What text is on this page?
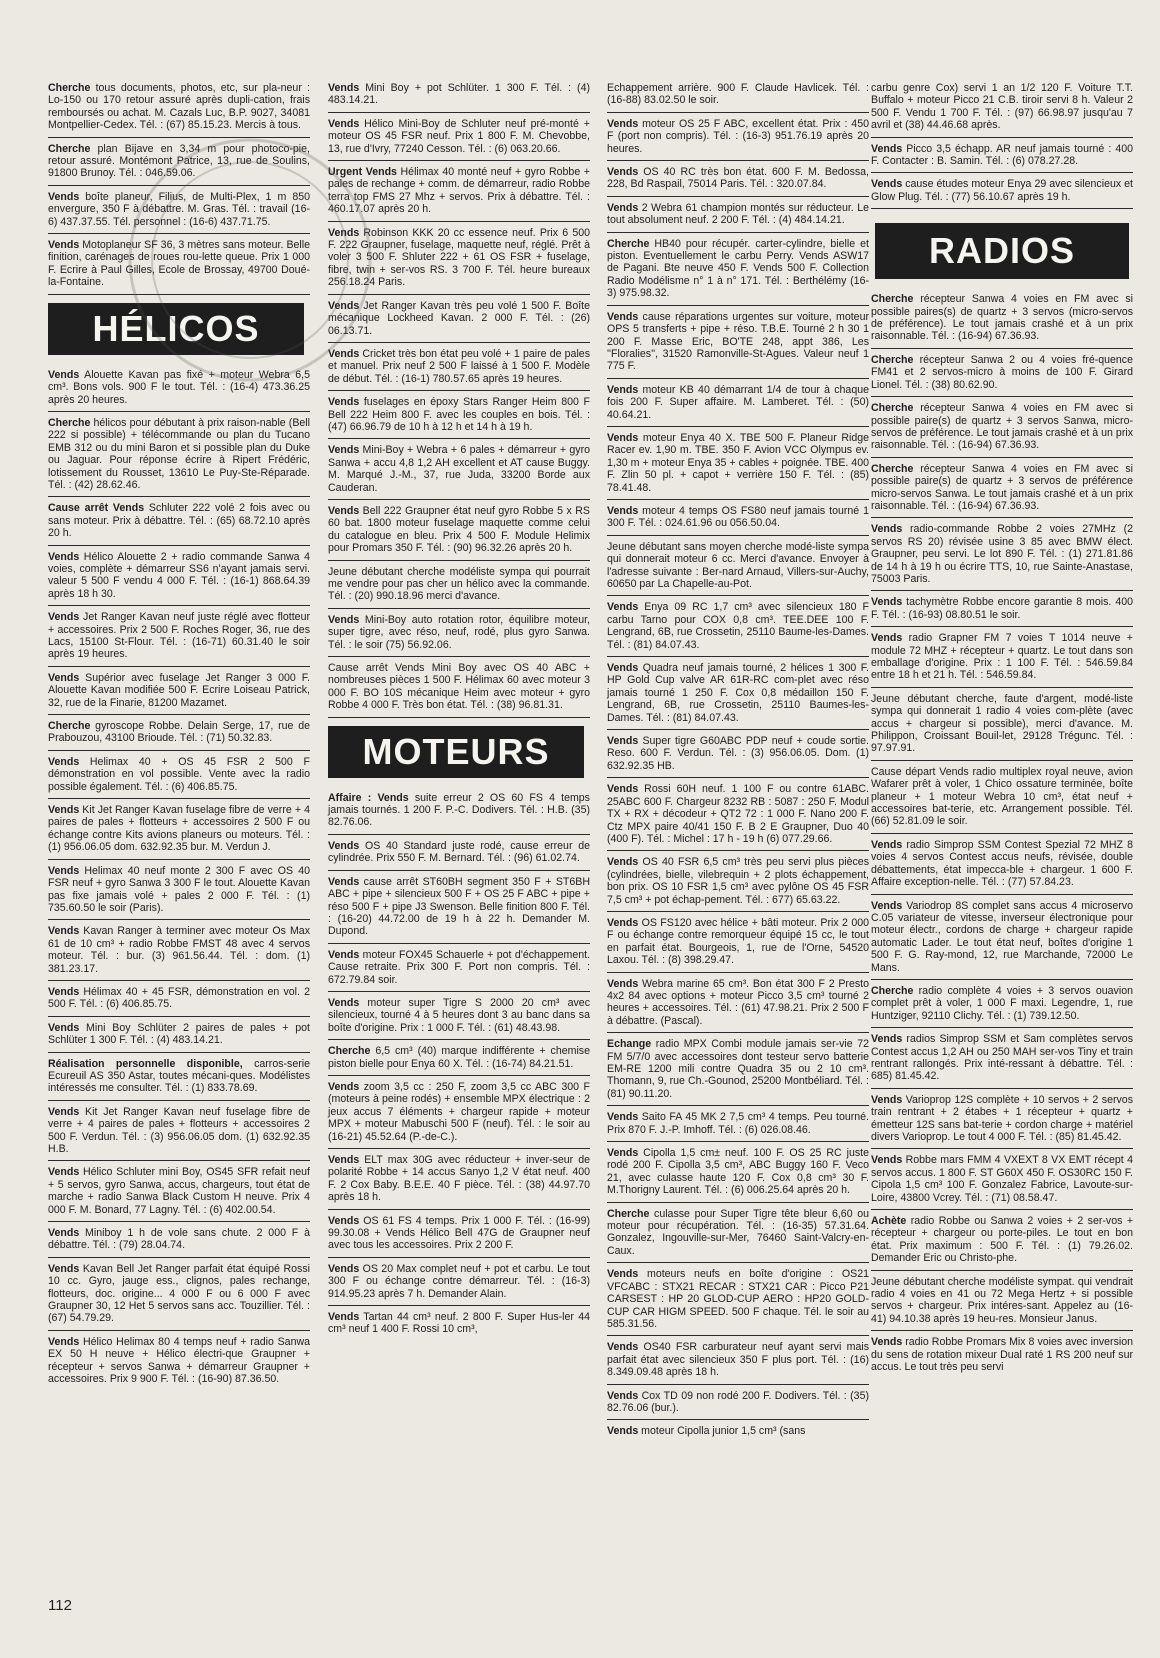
Cherche tous documents, photos, etc, sur pla-neur : Lo-150 ou 170 retour assuré après dupli-cation, frais remboursés ou achat. M. Cazals Luc, B.P. 9027, 34081 Montpellier-Cedex. Tél. : (67) 85.15.23. Mercis à tous.
Cherche plan Bijave en 3,34 m pour photoco-pie, retour assuré. Montémont Patrice, 13, rue de Soulins, 91800 Brunoy. Tél. : 046.59.06.
Vends boîte planeur, Filius, de Multi-Plex, 1 m 850 envergure, 350 F à débattre. M. Gras. Tél. : travail (16-6) 437.37.55. Tél. personnel : (16-6) 437.71.75.
Vends Motoplaneur SF 36, 3 mètres sans moteur. Belle finition, carénages de roues rou-lette queue. Prix 1 000 F. Ecrire à Paul Gilles, Ecole de Brossay, 49700 Doué-la-Fontaine.
HÉLICOS
Vends Alouette Kavan pas fixé + moteur Webra 6,5 cm³. Bons vols. 900 F le tout. Tél. : (16-4) 473.36.25 après 20 heures.
Cherche hélicos pour débutant à prix raison-nable (Bell 222 si possible) + télécommande ou plan du Tucano EMB 312 ou du mini Baron et si possible plan du Duke ou Jaguar. Pour réponse écrire à Ripert Frédéric, lotissement du Rousset, 13610 Le Puy-Ste-Réparade. Tél. : (42) 28.62.46.
Cause arrêt Vends Schluter 222 volé 2 fois avec ou sans moteur. Prix à débattre. Tél. : (65) 68.72.10 après 20 h.
Vends Hélico Alouette 2 + radio commande Sanwa 4 voies, complète + démarreur SS6 n'ayant jamais servi. valeur 5 500 F vendu 4 000 F. Tél. : (16-1) 868.64.39 après 18 h 30.
Vends Jet Ranger Kavan neuf juste réglé avec flotteur + accessoires. Prix 2 500 F. Roches Roger, 36, rue des Lacs, 15100 St-Flour. Tél. : (16-71) 60.31.40 le soir après 19 heures.
Vends Supérior avec fuselage Jet Ranger 3 000 F. Alouette Kavan modifiée 500 F. Ecrire Loiseau Patrick, 32, rue de la Finarie, 81200 Mazamet.
Cherche gyroscope Robbe. Delain Serge, 17, rue de Prabouzou, 43100 Brioude. Tél. : (71) 50.32.83.
Vends Helimax 40 + OS 45 FSR 2 500 F démonstration en vol possible. Vente avec la radio possible également. Tél. : (6) 406.85.75.
Vends Kit Jet Ranger Kavan fuselage fibre de verre + 4 paires de pales + flotteurs + accessoires 2 500 F ou échange contre Kits avions planeurs ou moteurs. Tél. : (1) 956.06.05 dom. 632.92.35 bur. M. Verdun J.
Vends Helimax 40 neuf monte 2 300 F avec OS 40 FSR neuf + gyro Sanwa 3 300 F le tout. Alouette Kavan pas fixe jamais volé + pales 2 000 F. Tél. : (1) 735.60.50 le soir (Paris).
Vends Kavan Ranger à terminer avec moteur Os Max 61 de 10 cm³ + radio Robbe FMST 48 avec 4 servos moteur. Tél. : bur. (3) 961.56.44. Tél. : dom. (1) 381.23.17.
Vends Hélimax 40 + 45 FSR, démonstration en vol. 2 500 F. Tél. : (6) 406.85.75.
Vends Mini Boy Schlüter 2 paires de pales + pot Schlüter 1 300 F. Tél. : (4) 483.14.21.
Réalisation personnelle disponible, carros-serie Ecureuil AS 350 Astar, toutes mécani-ques. Modélistes intéressés me consulter. Tél. : (1) 833.78.69.
Vends Kit Jet Ranger Kavan neuf fuselage fibre de verre + 4 paires de pales + flotteurs + accessoires 2 500 F. Verdun. Tél. : (3) 956.06.05 dom. (1) 632.92.35 H.B.
Vends Hélico Schluter mini Boy, OS45 SFR refait neuf + 5 servos, gyro Sanwa, accus, chargeurs, tout état de marche + radio Sanwa Black Custom H neuve. Prix 4 000 F. M. Bonard, 77 Lagny. Tél. : (6) 402.00.54.
Vends Miniboy 1 h de vole sans chute. 2 000 F à débattre. Tél. : (79) 28.04.74.
Vends Kavan Bell Jet Ranger parfait état équipé Rossi 10 cc. Gyro, jauge ess., clignos, pales rechange, flotteurs, doc. origine... 4 000 F ou 6 000 F avec Graupner 30, 12 Het 5 servos sans acc. Touzillier. Tél. : (67) 54.79.29.
Vends Hélico Helimax 80 4 temps neuf + radio Sanwa EX 50 H neuve + Hélico électri-que Graupner + récepteur + servos Sanwa + démarreur Graupner + accessoires. Prix 9 900 F. Tél. : (16-90) 87.36.50.
Vends Mini Boy + pot Schlüter. 1 300 F. Tél. : (4) 483.14.21.
Vends Hélico Mini-Boy de Schluter neuf pré-monté + moteur OS 45 FSR neuf. Prix 1 800 F. M. Chevobbe, 13, rue d'Ivry, 77240 Cesson. Tél. : (6) 063.20.66.
Urgent Vends Hélimax 40 monté neuf + gyro Robbe + pales de rechange + comm. de démarreur, radio Robbe terra top FMS 27 Mhz + servos. Prix à débattre. Tél. : 460.17.07 après 20 h.
Vends Robinson KKK 20 cc essence neuf. Prix 6 500 F. 222 Graupner, fuselage, maquette neuf, réglé. Prêt à voler 3 500 F. Shluter 222 + 61 OS FSR + fuselage, fibre, twin + ser-vos RS. 3 700 F. Tél. heure bureaux 256.18.24 Paris.
Vends Jet Ranger Kavan très peu volé 1 500 F. Boîte mécanique Lockheed Kavan. 2 000 F. Tél. : (26) 06.13.71.
Vends Cricket très bon état peu volé + 1 paire de pales et manuel. Prix neuf 2 500 F laissé à 1 500 F. Modèle de début. Tél. : (16-1) 780.57.65 après 19 heures.
Vends fuselages en époxy Stars Ranger Heim 800 F Bell 222 Heim 800 F. avec les couples en bois. Tél. : (47) 66.96.79 de 10 h à 12 h et 14 h à 19 h.
Vends Mini-Boy + Webra + 6 pales + démarreur + gyro Sanwa + accu 4,8 1,2 AH excellent et AT cause Buggy. M. Marqué J.-M., 37, rue Juda, 33200 Borde aux Cauderan.
Vends Bell 222 Graupner état neuf gyro Robbe 5 x RS 60 bat. 1800 moteur fuselage maquette comme celui du catalogue en bleu. Prix 4 500 F. Module Helimix pour Promars 350 F. Tél. : (90) 96.32.26 après 20 h.
Jeune débutant cherche modéliste sympa qui pourrait me vendre pour pas cher un hélico avec la commande. Tél. : (20) 990.18.96 merci d'avance.
Vends Mini-Boy auto rotation rotor, équilibre moteur, super tigre, avec réso, neuf, rodé, plus gyro Sanwa. Tél. : le soir (75) 56.92.06.
Cause arrêt Vends Mini Boy avec OS 40 ABC + nombreuses pièces 1 500 F. Hélimax 60 avec moteur 3 000 F. BO 10S mécanique Heim avec moteur + gyro Robbe 4 000 F. Très bon état. Tél. : (38) 96.81.31.
MOTEURS
Affaire : Vends suite erreur 2 OS 60 FS 4 temps jamais tournés. 1 200 F. P.-C. Dodivers. Tél. : H.B. (35) 82.76.06.
Vends OS 40 Standard juste rodé, cause erreur de cylindrée. Prix 550 F. M. Bernard. Tél. : (96) 61.02.74.
Vends cause arrêt ST60BH segment 350 F + ST6BH ABC + pipe + silencieux 500 F + OS 25 F ABC + pipe + réso 500 F + pipe J3 Swenson. Belle finition 800 F. Tél. : (16-20) 44.72.00 de 19 h à 22 h. Demander M. Dupond.
Vends moteur FOX45 Schauerle + pot d'échappement. Cause retraite. Prix 300 F. Port non compris. Tél. : 672.79.84 soir.
Vends moteur super Tigre S 2000 20 cm³ avec silencieux, tourné 4 à 5 heures dont 3 au banc dans sa boîte d'origine. Prix : 1 000 F. Tél. : (61) 48.43.98.
Cherche 6,5 cm³ (40) marque indifférente + chemise piston bielle pour Enya 60 X. Tél. : (16-74) 84.21.51.
Vends zoom 3,5 cc : 250 F, zoom 3,5 cc ABC 300 F (moteurs à peine rodés) + ensemble MPX électrique : 2 jeux accus 7 éléments + chargeur rapide + moteur MPX + moteur Mabuschi 500 F (neuf). Tél. : le soir au (16-21) 45.52.64 (P.-de-C.).
Vends ELT max 30G avec réducteur + inver-seur de polarité Robbe + 14 accus Sanyo 1,2 V état neuf. 400 F. 2 Cox Baby. B.E.E. 40 F pièce. Tél. : (38) 44.97.70 après 18 h.
Vends OS 61 FS 4 temps. Prix 1 000 F. Tél. : (16-99) 99.30.08 + Vends Hélico Bell 47G de Graupner neuf avec tous les accessoires. Prix 2 200 F.
Vends OS 20 Max complet neuf + pot et carbu. Le tout 300 F ou échange contre démarreur. Tél. : (16-3) 914.95.23 après 7 h. Demander Alain.
Vends Tartan 44 cm³ neuf. 2 800 F. Super Hus-ler 44 cm³ neuf 1 400 F. Rossi 10 cm³,
Echappement arrière. 900 F. Claude Havlicek. Tél. : (16-88) 83.02.50 le soir.
Vends moteur OS 25 F ABC, excellent état. Prix : 450 F (port non compris). Tél. : (16-3) 951.76.19 après 20 heures.
Vends OS 40 RC très bon état. 600 F. M. Bedossa, 228, Bd Raspail, 75014 Paris. Tél. : 320.07.84.
Vends 2 Webra 61 champion montés sur réducteur. Le tout absolument neuf. 2 200 F. Tél. : (4) 484.14.21.
Cherche HB40 pour récupér. carter-cylindre, bielle et piston. Eventuellement le carbu Perry. Vends ASW17 de Pagani. Bte neuve 450 F. Vends 500 F. Collection Radio Modélisme n° 1 à n° 171. Tél. : Berthélémy (16-3) 975.98.32.
Vends cause réparations urgentes sur voiture, moteur OPS 5 transferts + pipe + réso. T.B.E. Tourné 2 h 30 1 200 F. Masse Eric, BO'TE 248, appt 386, Les ''Floralies'', 31520 Ramonville-St-Agues. Valeur neuf 1 775 F.
Vends moteur KB 40 démarrant 1/4 de tour à chaque fois 200 F. Super affaire. M. Lamberet. Tél. : (50) 40.64.21.
Vends moteur Enya 40 X. TBE 500 F. Planeur Ridge Racer ev. 1,90 m. TBE. 350 F. Avion VCC Olympus ev. 1,30 m + moteur Enya 35 + cables + poignée. TBE. 400 F. Zlin 50 pl. + capot + verrière 150 F. Tél. : (85) 78.41.48.
Vends moteur 4 temps OS FS80 neuf jamais tourné 1 300 F. Tél. : 024.61.96 ou 056.50.04.
Jeune débutant sans moyen cherche modé-liste sympa qui donnerait moteur 6 cc. Merci d'avance. Envoyer à l'adresse suivante : Ber-nard Arnaud, Villers-sur-Auchy, 60650 par La Chapelle-au-Pot.
Vends Enya 09 RC 1,7 cm³ avec silencieux 180 F carbu Tarno pour COX 0,8 cm³. TEE.DEE 100 F. Lengrand, 6B, rue Crossetin, 25110 Baume-les-Dames. Tél. : (81) 84.07.43.
Vends Quadra neuf jamais tourné, 2 hélices 1 300 F. HP Gold Cup valve AR 61R-RC com-plet avec réso jamais tourné 1 250 F. Cox 0,8 médaillon 150 F. Lengrand, 6B, rue Crossetin, 25110 Baumes-les-Dames. Tél. : (81) 84.07.43.
Vends Super tigre G60ABC PDP neuf + coude sortie. Reso. 600 F. Verdun. Tél. : (3) 956.06.05. Dom. (1) 632.92.35 HB.
Vends Rossi 60H neuf. 1 100 F ou contre 61ABC. 25ABC 600 F. Chargeur 8232 RB : 5087 : 250 F. Modul TX + RX + décodeur + QT2 72 : 1 000 F. Nano 200 F. Ctz MPX paire 40/41 150 F. B 2 E Graupner, Duo 40 (400 F). Tél. : Michel : 17 h - 19 h (6) 077.29.66.
Vends OS 40 FSR 6,5 cm³ très peu servi plus pièces (cylindrées, bielle, vilebrequin + 2 plots échappement, bon prix. OS 10 FSR 1,5 cm³ avec pylône OS 45 FSR 7,5 cm³ + pot échap-pement. Tél. : 677) 65.63.22.
Vends OS FS120 avec hélice + bâti moteur. Prix 2 000 F ou échange contre remorqueur équipé 15 cc, le tout en parfait état. Bourgeois, 1, rue de l'Orne, 54520 Laxou. Tél. : (8) 398.29.47.
Vends Webra marine 65 cm³. Bon état 300 F 2 Presto 4x2 84 avec options + moteur Picco 3,5 cm³ tourné 2 heures + accessoires. Tél. : (61) 47.98.21. Prix 2 500 F à débattre. (Pascal).
Echange radio MPX Combi module jamais ser-vie 72 FM 5/7/0 avec accessoires dont testeur servo batterie EM-RE 1200 mili contre Quadra 35 ou 2 10 cm³. Thomann, 9, rue Ch.-Gounod, 25200 Montbéliard. Tél. : (81) 90.11.20.
Vends Saito FA 45 MK 2 7,5 cm³ 4 temps. Peu tourné. Prix 870 F. J.-P. Imhoff. Tél. : (6) 026.08.46.
Vends Cipolla 1,5 cm± neuf. 100 F. OS 25 RC juste rodé 200 F. Cipolla 3,5 cm³, ABC Buggy 160 F. Veco 21, avec culasse haute 120 F. Cox 0,8 cm³ 30 F. M.Thorigny Laurent. Tél. : (6) 006.25.64 après 20 h.
Cherche culasse pour Super Tigre tête bleur 6,60 ou moteur pour récupération. Tél. : (16-35) 57.31.64. Gonzalez, Ingouville-sur-Mer, 76460 Saint-Valcry-en-Caux.
Vends moteurs neufs en boîte d'origine : OS21 VFCABC : STX21 RECAR : STX21 CAR : Picco P21 CARSEST : HP 20 GLOD-CUP AERO : HP20 GOLD-CUP CAR HIGM SPEED. 500 F chaque. Tél. le soir au 585.31.56.
Vends OS40 FSR carburateur neuf ayant servi mais parfait état avec silencieux 350 F plus port. Tél. : (16) 8.349.09.48 après 18 h.
Vends Cox TD 09 non rodé 200 F. Dodivers. Tél. : (35) 82.76.06 (bur.).
Vends moteur Cipolla junior 1,5 cm³ (sans
carbu genre Cox) servi 1 an 1/2 120 F. Voiture T.T. Buffalo + moteur Picco 21 C.B. tiroir servi 8 h. Valeur 2 500 F. Vendu 1 700 F. Tél. : (97) 66.98.97 jusqu'au 7 avril et (38) 44.46.68 après.
Vends Picco 3,5 échapp. AR neuf jamais tourné : 400 F. Contacter : B. Samin. Tél. : (6) 078.27.28.
Vends cause études moteur Enya 29 avec silencieux et Glow Plug. Tél. : (77) 56.10.67 après 19 h.
RADIOS
Cherche récepteur Sanwa 4 voies en FM avec si possible paires(s) de quartz + 3 servos (micro-servos de préférence). Le tout jamais crashé et à un prix raisonnable. Tél. : (16-94) 67.36.93.
Cherche récepteur Sanwa 2 ou 4 voies fré-quence FM41 et 2 servos-micro à moins de 100 F. Girard Lionel. Tél. : (38) 80.62.90.
Cherche récepteur Sanwa 4 voies en FM avec si possible paire(s) de quartz + 3 servos Sanwa, micro-servos de préférence. Le tout jamais crashé et à un prix raisonnable. Tél. : (16-94) 67.36.93.
Cherche récepteur Sanwa 4 voies en FM avec si possible paire(s) de quartz + 3 servos de préférence micro-servos Sanwa. Le tout jamais crashé et à un prix raisonnable. Tél. : (16-94) 67.36.93.
Vends radio-commande Robbe 2 voies 27MHz (2 servos RS 20) révisée usine 3 85 avec BMW élect. Graupner, peu servi. Le lot 890 F. Tél. : (1) 271.81.86 de 14 h à 19 h ou écrire TTS, 10, rue Sainte-Anastase, 75003 Paris.
Vends tachymètre Robbe encore garantie 8 mois. 400 F. Tél. : (16-93) 08.80.51 le soir.
Vends radio Grapner FM 7 voies T 1014 neuve + module 72 MHZ + récepteur + quartz. Le tout dans son emballage d'origine. Prix : 1 100 F. Tél. : 546.59.84 entre 18 h et 21 h. Tél. : 546.59.84.
Jeune débutant cherche, faute d'argent, modé-liste sympa qui donnerait 1 radio 4 voies com-plète (avec accus + chargeur si possible), merci d'avance. M. Philippon, Croissant Bouil-let, 29128 Trégunc. Tél. : 97.97.91.
Cause départ Vends radio multiplex royal neuve, avion Wafarer prêt à voler, 1 Chico ossature terminée, boîte planeur + 1 moteur Webra 10 cm³, état neuf + accessoires bat-terie, etc. Arrangement possible. Tél. (66) 52.81.09 le soir.
Vends radio Simprop SSM Contest Spezial 72 MHZ 8 voies 4 servos Contest accus neufs, révisée, double débattements, état impecca-ble + chargeur. 1 600 F. Affaire exception-nelle. Tél. : (77) 57.84.23.
Vends Variodrop 8S complet sans accus 4 microservo C.05 variateur de vitesse, inverseur électronique pour moteur électr., cordons de charge + chargeur rapide automatic Lader. Le tout état neuf, boîtes d'origine 1 500 F. G. Ray-mond, 12, rue Marchande, 72000 Le Mans.
Cherche radio complète 4 voies + 3 servos ouavion complet prêt à voler, 1 000 F maxi. Legendre, 1, rue Huntziger, 92110 Clichy. Tél. : (1) 739.12.50.
Vends radios Simprop SSM et Sam complètes servos Contest accus 1,2 AH ou 250 MAH ser-vos Tiny et train rentrant rallongés. Prix inté-ressant à débattre. Tél. : 685) 81.45.42.
Vends Varioprop 12S complète + 10 servos + 2 servos train rentrant + 2 étabes + 1 récepteur + quartz + émetteur 12S sans bat-terie + cordon charge + matériel divers Varioprop. Le tout 4 000 F. Tél. : (85) 81.45.42.
Vends Robbe mars FMM 4 VXEXT 8 VX EMT récept 4 servos accus. 1 800 F. ST G60X 450 F. OS30RC 150 F. Cipola 1,5 cm³ 100 F. Gonzalez Fabrice, Lavoute-sur-Loire, 43800 Vcrey. Tél. : (71) 08.58.47.
Achète radio Robbe ou Sanwa 2 voies + 2 ser-vos + récepteur + chargeur ou porte-piles. Le tout en bon état. Prix maximum : 500 F. Tél. : (1) 79.26.02. Demander Eric ou Christo-phe.
Jeune débutant cherche modéliste sympat. qui vendrait radio 4 voies en 41 ou 72 Mega Hertz + si possible servos + chargeur. Prix intéres-sant. Appelez au (16-41) 94.10.38 après 19 heu-res. Monsieur Janus.
Vends radio Robbe Promars Mix 8 voies avec inversion du sens de rotation mixeur Dual raté 1 RS 200 neuf sur accus. Le tout très peu servi
112
